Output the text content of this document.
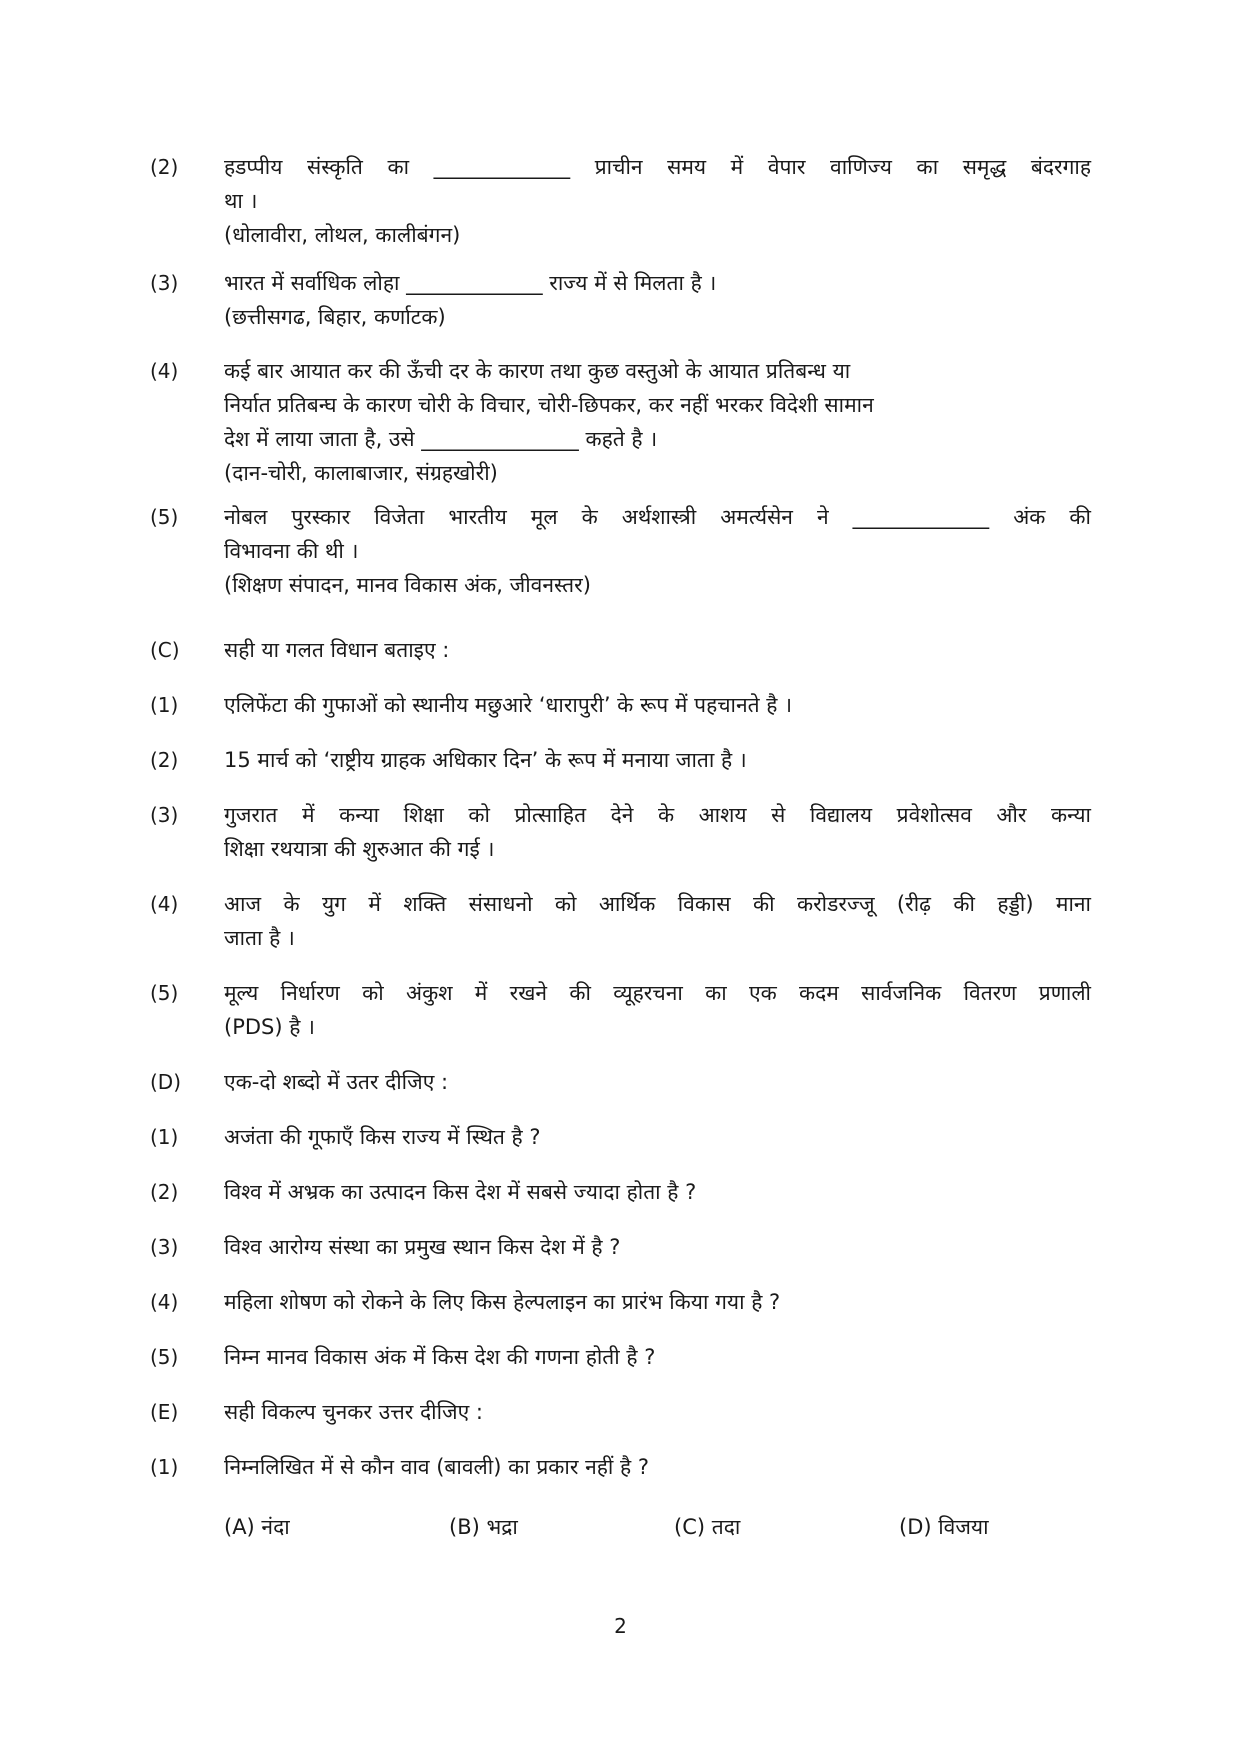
(2) हडप्पीय संस्कृति का _____________ प्राचीन समय में वेपार वाणिज्य का समृद्ध बंदरगाह
था ।
(धोलावीरा, लोथल, कालीबंगन)
(3) भारत में सर्वाधिक लोहा _____________ राज्य में से मिलता है ।
(छत्तीसगढ, बिहार, कर्णाटक)
(4) कई बार आयात कर की ऊँची दर के कारण तथा कुछ वस्तुओ के आयात प्रतिबन्ध या
निर्यात प्रतिबन्घ के कारण चोरी के विचार, चोरी-छिपकर, कर नहीं भरकर विदेशी सामान
देश में लाया जाता है, उसे _______________ कहते है ।
(दान-चोरी, कालाबाजार, संग्रहखोरी)
(5) नोबल पुरस्कार विजेता भारतीय मूल के अर्थशास्त्री अमर्त्यसेन ने _____________ अंक की
विभावना की थी ।
(शिक्षण संपादन, मानव विकास अंक, जीवनस्तर)
(C) सही या गलत विधान बताइए :
(1) एलिफेंटा की गुफाओं को स्थानीय मछुआरे ‘धारापुरी’ के रूप में पहचानते है ।
(2) 15 मार्च को ‘राष्ट्रीय ग्राहक अधिकार दिन’ के रूप में मनाया जाता है ।
(3) गुजरात में कन्या शिक्षा को प्रोत्साहित देने के आशय से विद्यालय प्रवेशोत्सव और कन्या
शिक्षा रथयात्रा की शुरुआत की गई ।
(4) आज के युग में शक्ति संसाधनो को आर्थिक विकास की करोडरज्जू (रीढ़ की हड्डी) माना
जाता है ।
(5) मूल्य निर्धारण को अंकुश में रखने की व्यूहरचना का एक कदम सार्वजनिक वितरण प्रणाली
(PDS) है ।
(D) एक-दो शब्दो में उतर दीजिए :
(1) अजंता की गूफाएँ किस राज्य में स्थित है ?
(2) विश्व में अभ्रक का उत्पादन किस देश में सबसे ज्यादा होता है ?
(3) विश्व आरोग्य संस्था का प्रमुख स्थान किस देश में है ?
(4) महिला शोषण को रोकने के लिए किस हेल्पलाइन का प्रारंभ किया गया है ?
(5) निम्न मानव विकास अंक में किस देश की गणना होती है ?
(E) सही विकल्प चुनकर उत्तर दीजिए :
(1) निम्नलिखित में से कौन वाव (बावली) का प्रकार नहीं है ?
(A) नंदा	(B) भद्रा	(C) तदा	(D) विजया
2
